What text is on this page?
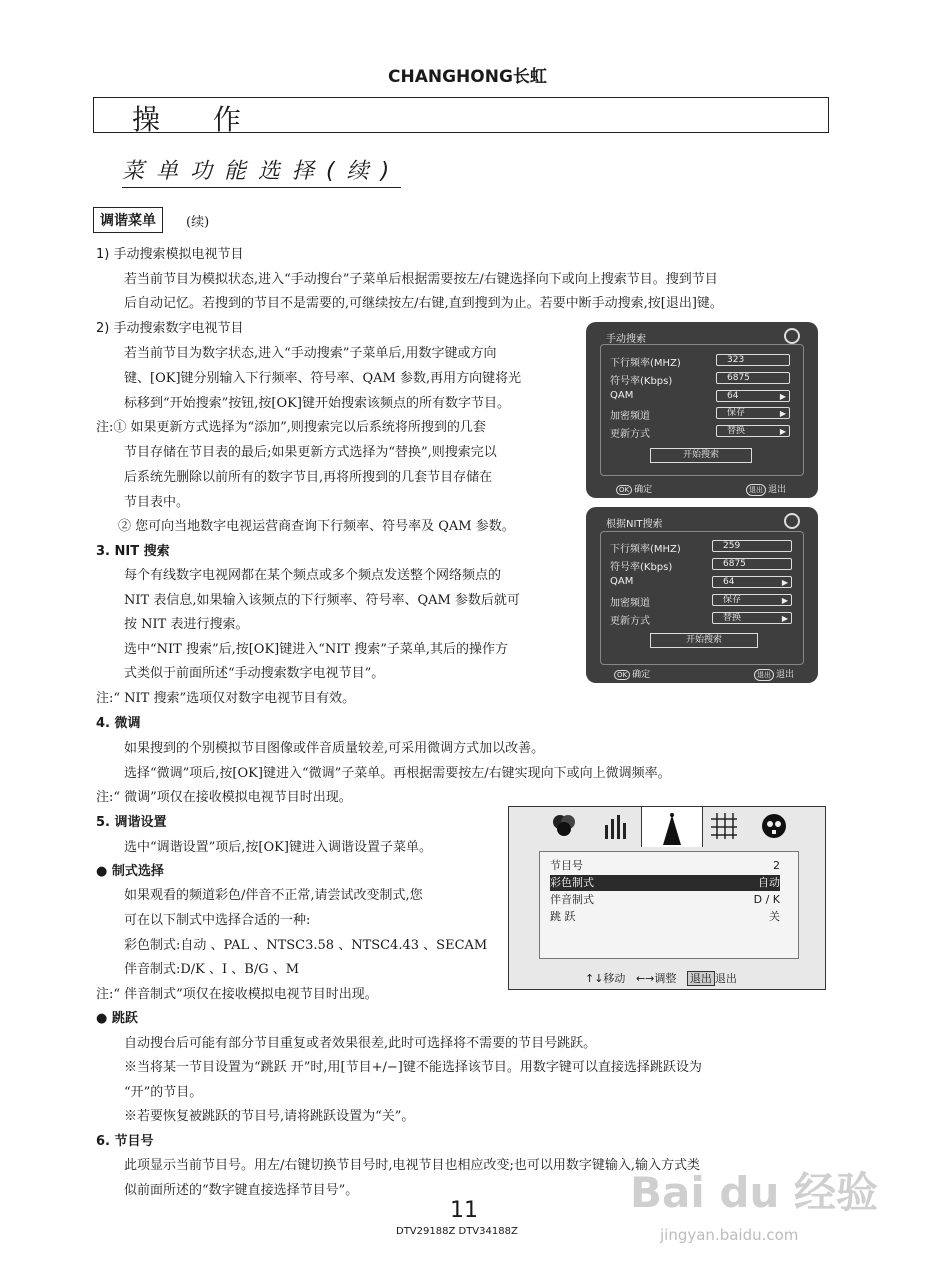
CHANGHONG长虹
操 作
菜单功能选择(续)
调谐菜单	(续)
1) 手动搜索模拟电视节目
若当前节目为模拟状态,进入“手动搜台”子菜单后根据需要按左/右键选择向下或向上搜索节目。搜到节目
后自动记忆。若搜到的节目不是需要的,可继续按左/右键,直到搜到为止。若要中断手动搜索,按[退出]键。
2) 手动搜索数字电视节目
若当前节目为数字状态,进入“手动搜索”子菜单后,用数字键或方向
键、[OK]键分别输入下行频率、符号率、QAM 参数,再用方向键将光
标移到“开始搜索”按钮,按[OK]键开始搜索该频点的所有数字节目。
注:① 如果更新方式选择为“添加”,则搜索完以后系统将所搜到的几套
节目存储在节目表的最后;如果更新方式选择为“替换”,则搜索完以
后系统先删除以前所有的数字节目,再将所搜到的几套节目存储在
节目表中。
② 您可向当地数字电视运营商查询下行频率、符号率及 QAM 参数。
3. NIT 搜索
每个有线数字电视网都在某个频点或多个频点发送整个网络频点的
NIT 表信息,如果输入该频点的下行频率、符号率、QAM 参数后就可
按 NIT 表进行搜索。
选中“NIT 搜索”后,按[OK]键进入“NIT 搜索”子菜单,其后的操作方
式类似于前面所述“手动搜索数字电视节目”。
注:“ NIT 搜索”选项仅对数字电视节目有效。
4. 微调
如果搜到的个别模拟节目图像或伴音质量较差,可采用微调方式加以改善。
选择“微调”项后,按[OK]键进入“微调”子菜单。再根据需要按左/右键实现向下或向上微调频率。
注:“ 微调”项仅在接收模拟电视节目时出现。
5. 调谐设置
选中“调谐设置”项后,按[OK]键进入调谐设置子菜单。
● 制式选择
如果观看的频道彩色/伴音不正常,请尝试改变制式,您
可在以下制式中选择合适的一种:
彩色制式:自动 、PAL 、NTSC3.58 、NTSC4.43 、SECAM
伴音制式:D/K 、I 、B/G 、M
注:“ 伴音制式”项仅在接收模拟电视节目时出现。
● 跳跃
自动搜台后可能有部分节目重复或者效果很差,此时可选择将不需要的节目号跳跃。
※当将某一节目设置为“跳跃 开”时,用[节目+/−]键不能选择该节目。用数字键可以直接选择跳跃设为
“开”的节目。
※若要恢复被跳跃的节目号,请将跳跃设置为“关”。
6. 节目号
此项显示当前节目号。用左/右键切换节目号时,电视节目也相应改变;也可以用数字键输入,输入方式类
似前面所述的“数字键直接选择节目号”。
手动搜索
下行频率(MHZ)	323
符号率(Kbps)	6875
QAM	64	▶
加密频道	保存	▶
更新方式	替换	▶
开始搜索
OK 确定	退出 退出
根据NIT搜索
下行频率(MHZ)	259
符号率(Kbps)	6875
QAM	64	▶
加密频道	保存	▶
更新方式	替换	▶
开始搜索
OK 确定	退出 退出
节目号	2
彩色制式	自动
伴音制式	D / K
跳 跃	关
↑↓移动 ←→调整 退出 退出
11
DTV29188Z DTV34188Z
Bai du 经验
jingyan.baidu.com
